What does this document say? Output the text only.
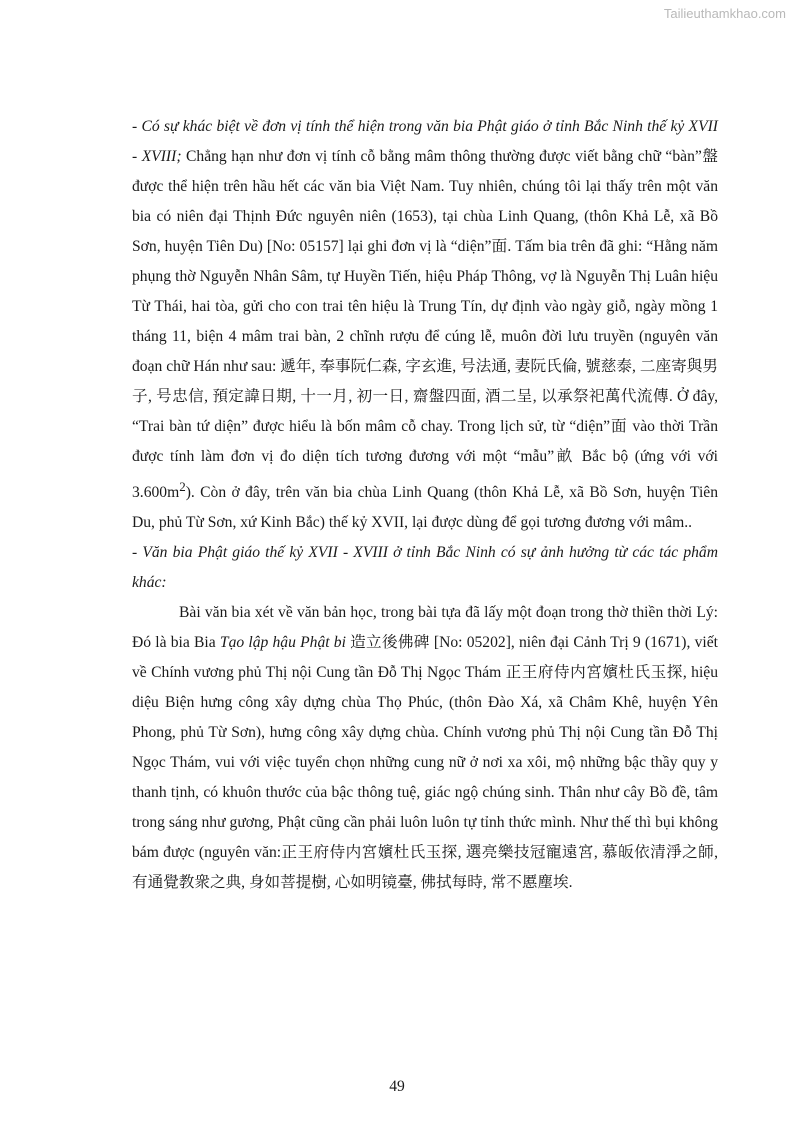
Tailieuthamkhao.com

- Có sự khác biệt về đơn vị tính thể hiện trong văn bia Phật giáo ở tỉnh Bắc Ninh thế kỷ XVII - XVIII; Chẳng hạn như đơn vị tính cỗ bằng mâm thông thường được viết bằng chữ “bàn”盤 được thể hiện trên hầu hết các văn bia Việt Nam. Tuy nhiên, chúng tôi lại thấy trên một văn bia có niên đại Thịnh Đức nguyên niên (1653), tại chùa Linh Quang, (thôn Khả Lễ, xã Bồ Sơn, huyện Tiên Du) [No: 05157] lại ghi đơn vị là “diện”面. Tấm bia trên đã ghi: “Hằng năm phụng thờ Nguyễn Nhân Sâm, tự Huyền Tiến, hiệu Pháp Thông, vợ là Nguyễn Thị Luân hiệu Từ Thái, hai tòa, gửi cho con trai tên hiệu là Trung Tín, dự định vào ngày giỗ, ngày mồng 1 tháng 11, biện 4 mâm trai bàn, 2 chĩnh rượu để cúng lễ, muôn đời lưu truyền (nguyên văn đoạn chữ Hán như sau: 遞年, 奉事阮仁森, 字玄進, 号法通, 妻阮氏倫, 號慈泰, 二座寄與男子, 号忠信, 預定諱日期, 十一月, 初一日, 齋盤四面, 酒二呈, 以承祭祀萬代流傳. Ở đây, “Trai bàn tứ diện” được hiểu là bốn mâm cỗ chay. Trong lịch sử, từ “diện”面 vào thời Trần được tính làm đơn vị đo diện tích tương đương với một “mẫu”畝 Bắc bộ (ứng với với $3.600m^2$). Còn ở đây, trên văn bia chùa Linh Quang (thôn Khả Lễ, xã Bồ Sơn, huyện Tiên Du, phủ Từ Sơn, xứ Kinh Bắc) thế kỷ XVII, lại được dùng để gọi tương đương với mâm..

- Văn bia Phật giáo thế kỷ XVII - XVIII ở tỉnh Bắc Ninh có sự ảnh hưởng từ các tác phẩm khác:

Bài văn bia xét về văn bản học, trong bài tựa đã lấy một đoạn trong thờ thiền thời Lý: Đó là bia Bia Tạo lập hậu Phật bi 造立後佛碑 [No: 05202], niên đại Cảnh Trị 9 (1671), viết về Chính vương phủ Thị nội Cung tần Đỗ Thị Ngọc Thám 正王府侍内宮嬪杜氏玉探, hiệu diệu Biện hưng công xây dựng chùa Thọ Phúc, (thôn Đào Xá, xã Châm Khê, huyện Yên Phong, phủ Từ Sơn), hưng công xây dựng chùa. Chính vương phủ Thị nội Cung tần Đỗ Thị Ngọc Thám, vui với việc tuyển chọn những cung nữ ở nơi xa xôi, mộ những bậc thầy quy y thanh tịnh, có khuôn thước của bậc thông tuệ, giác ngộ chúng sinh. Thân như cây Bồ đề, tâm trong sáng như gương, Phật cũng cần phải luôn luôn tự tỉnh thức mình. Như thế thì bụi không bám được (nguyên văn:正王府侍内宮嬪杜氏玉探, 選亮樂技冠寵遠宮, 慕皈依清淨之師, 有通覺教衆之典, 身如菩提樹, 心如明镜臺, 佛拭每時, 常不慝塵埃.

49
